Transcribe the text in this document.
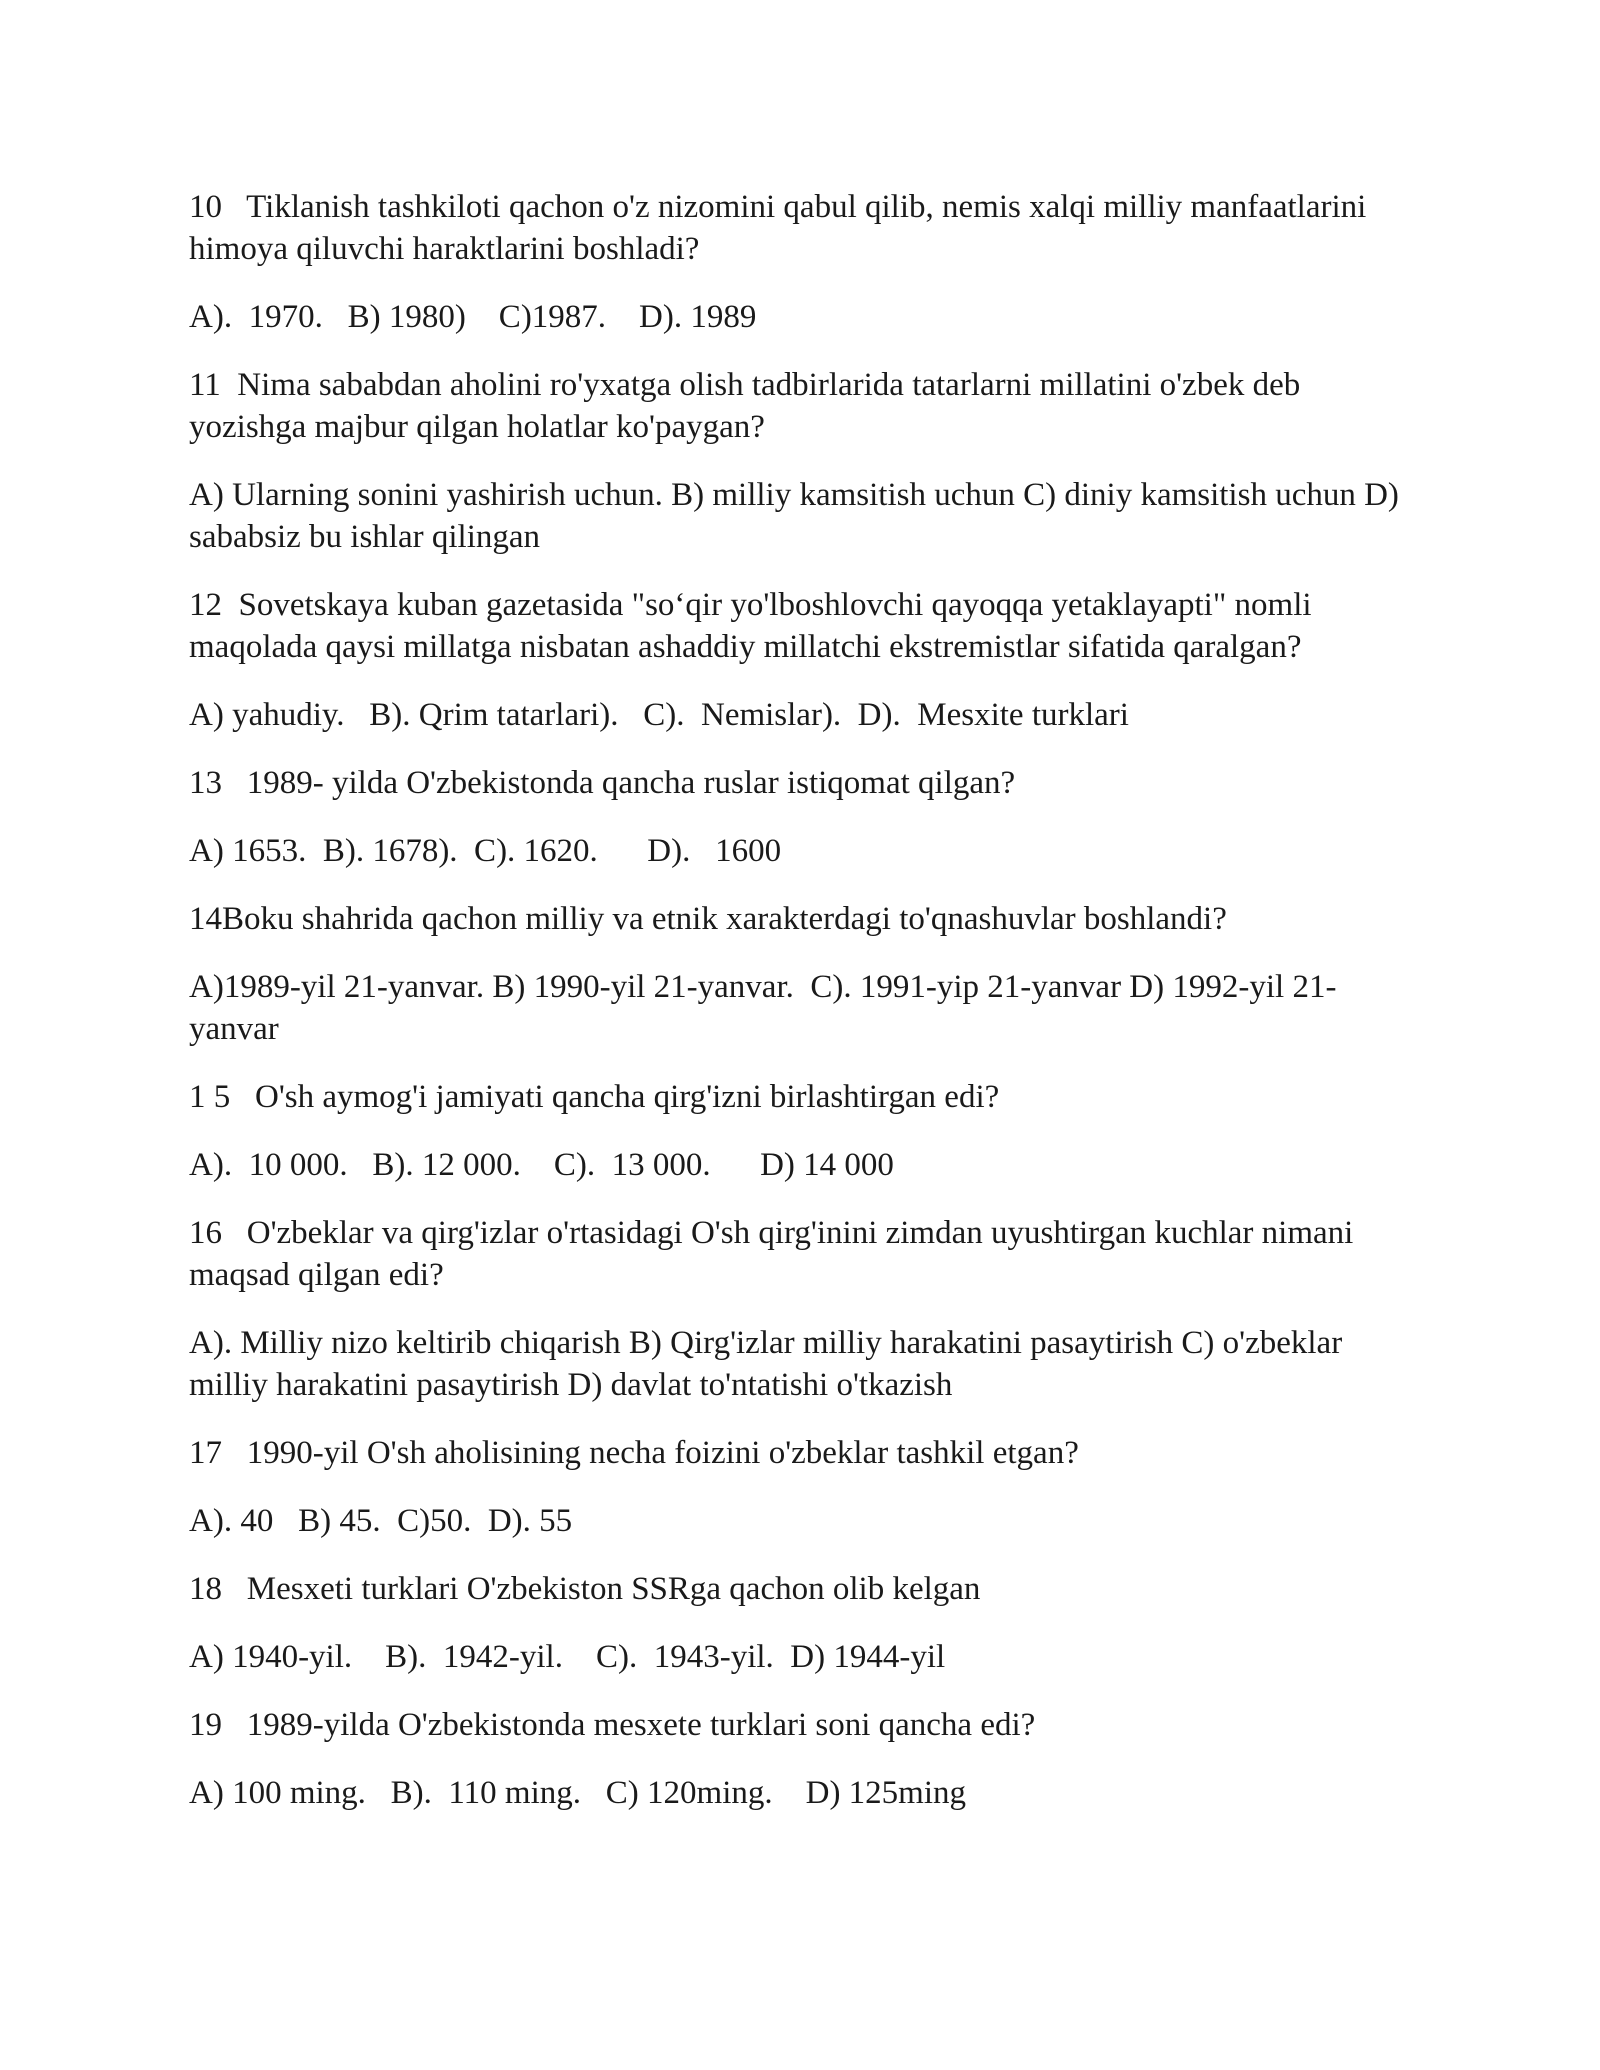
10   Tiklanish tashkiloti qachon o'z nizomini qabul qilib, nemis xalqi milliy manfaatlarini himoya qiluvchi haraktlarini boshladi?

A).  1970.   B) 1980)    C)1987.    D). 1989

11  Nima sababdan aholini ro'yxatga olish tadbirlarida tatarlarni millatini o'zbek deb yozishga majbur qilgan holatlar ko'paygan?

A) Ularning sonini yashirish uchun. B) milliy kamsitish uchun C) diniy kamsitish uchun D) sababsiz bu ishlar qilingan

12  Sovetskaya kuban gazetasida "so‘qir yo'lboshlovchi qayoqqa yetaklayapti" nomli maqolada qaysi millatga nisbatan ashaddiy millatchi ekstremistlar sifatida qaralgan?

A) yahudiy.   B). Qrim tatarlari).   C).  Nemislar).  D).  Mesxite turklari

13   1989- yilda O'zbekistonda qancha ruslar istiqomat qilgan?

A) 1653.  B). 1678).  C). 1620.      D).   1600

14Boku shahrida qachon milliy va etnik xarakterdagi to'qnashuvlar boshlandi?

A)1989-yil 21-yanvar. B) 1990-yil 21-yanvar.  C). 1991-yip 21-yanvar D) 1992-yil 21-yanvar

1 5   O'sh aymog'i jamiyati qancha qirg'izni birlashtirgan edi?

A).  10 000.   B). 12 000.    C).  13 000.      D) 14 000

16   O'zbeklar va qirg'izlar o'rtasidagi O'sh qirg'inini zimdan uyushtirgan kuchlar nimani maqsad qilgan edi?

A). Milliy nizo keltirib chiqarish B) Qirg'izlar milliy harakatini pasaytirish C) o'zbeklar milliy harakatini pasaytirish D) davlat to'ntatishi o'tkazish

17   1990-yil O'sh aholisining necha foizini o'zbeklar tashkil etgan?

A). 40   B) 45.  C)50.  D). 55

18   Mesxeti turklari O'zbekiston SSRga qachon olib kelgan

A) 1940-yil.    B).  1942-yil.    C).  1943-yil.  D) 1944-yil

19   1989-yilda O'zbekistonda mesxete turklari soni qancha edi?

A) 100 ming.   B).  110 ming.   C) 120ming.    D) 125ming
